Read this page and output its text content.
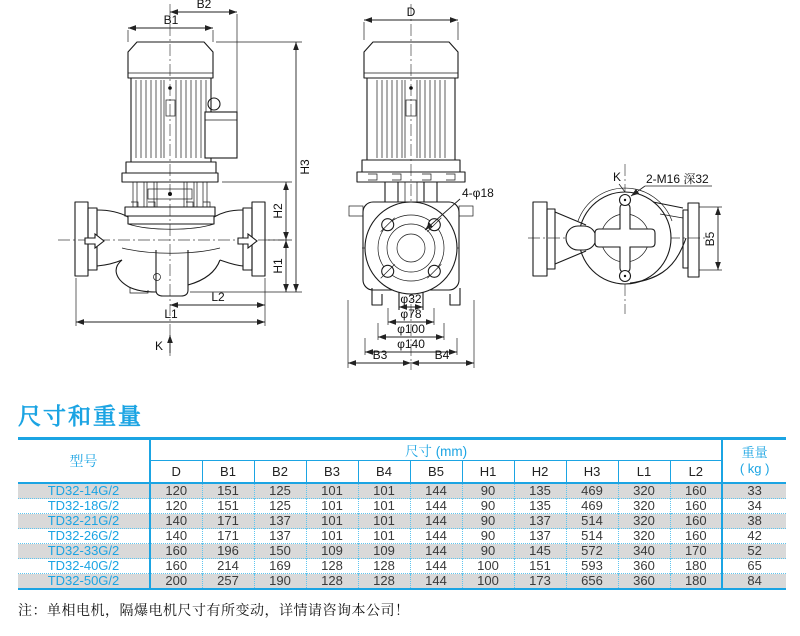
B2
B1
H3
H2
H1
L2
L1
K
D
4-φ18
φ32
φ78
φ100
φ140
B3	B4
K 2-M16 深32
B5
尺寸和重量
型号	尺寸 (mm)											重量
( kg )
	D	B1	B2	B3	B4	B5	H1	H2	H3	L1	L2	
TD32-14G/2	120	151	125	101	101	144	90	135	469	320	160	33
TD32-18G/2	120	151	125	101	101	144	90	135	469	320	160	34
TD32-21G/2	140	171	137	101	101	144	90	137	514	320	160	38
TD32-26G/2	140	171	137	101	101	144	90	137	514	320	160	42
TD32-33G/2	160	196	150	109	109	144	90	145	572	340	170	52
TD32-40G/2	160	214	169	128	128	144	100	151	593	360	180	65
TD32-50G/2	200	257	190	128	128	144	100	173	656	360	180	84

注：单相电机，隔爆电机尺寸有所变动，详情请咨询本公司！
